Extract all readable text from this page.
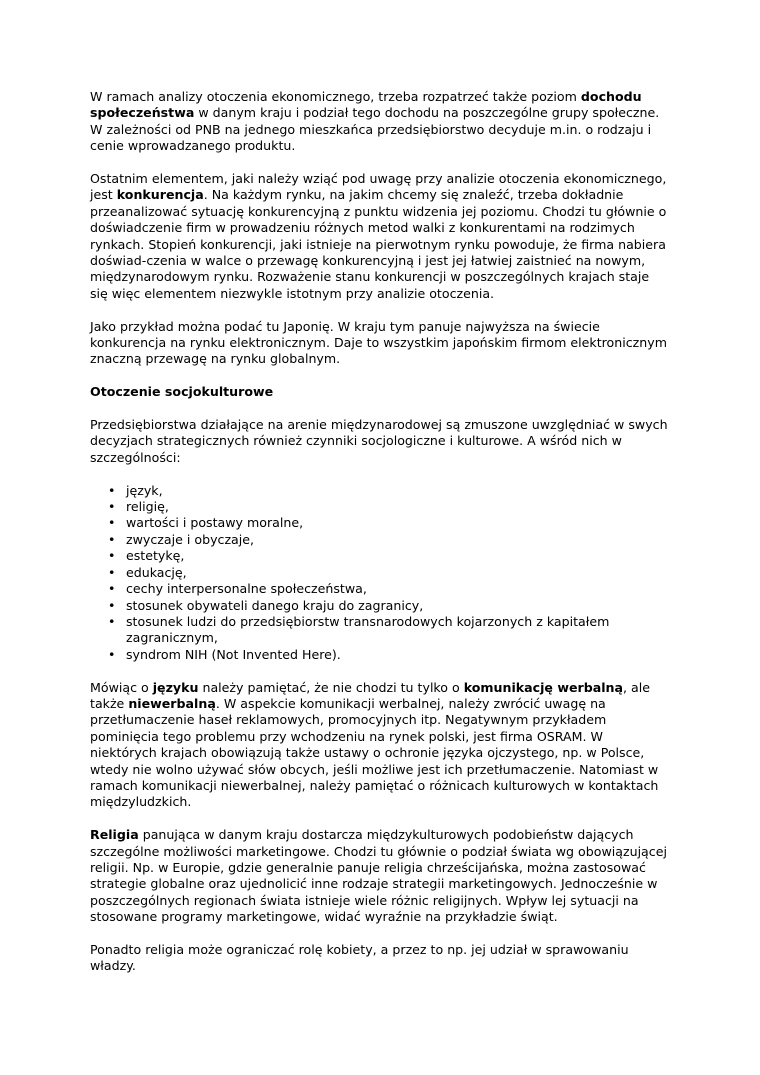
W ramach analizy otoczenia ekonomicznego, trzeba rozpatrzeć także poziom dochodu społeczeństwa w danym kraju i podział tego dochodu na poszczególne grupy społeczne. W zależności od PNB na jednego mieszkańca przedsiębiorstwo decyduje m.in. o rodzaju i cenie wprowadzanego produktu.

Ostatnim elementem, jaki należy wziąć pod uwagę przy analizie otoczenia ekonomicznego, jest konkurencja. Na każdym rynku, na jakim chcemy się znaleźć, trzeba dokładnie przeanalizować sytuację konkurencyjną z punktu widzenia jej poziomu. Chodzi tu głównie o doświadczenie firm w prowadzeniu różnych metod walki z konkurentami na rodzimych rynkach. Stopień konkurencji, jaki istnieje na pierwotnym rynku powoduje, że firma nabiera doświad-czenia w walce o przewagę konkurencyjną i jest jej łatwiej zaistnieć na nowym, międzynarodowym rynku. Rozważenie stanu konkurencji w poszczególnych krajach staje się więc elementem niezwykle istotnym przy analizie otoczenia.

Jako przykład można podać tu Japonię. W kraju tym panuje najwyższa na świecie konkurencja na rynku elektronicznym. Daje to wszystkim japońskim firmom elektronicznym znaczną przewagę na rynku globalnym.

Otoczenie socjokulturowe

Przedsiębiorstwa działające na arenie międzynarodowej są zmuszone uwzględniać w swych decyzjach strategicznych również czynniki socjologiczne i kulturowe. A wśród nich w szczególności:

• język,
• religię,
• wartości i postawy moralne,
• zwyczaje i obyczaje,
• estetykę,
• edukację,
• cechy interpersonalne społeczeństwa,
• stosunek obywateli danego kraju do zagranicy,
• stosunek ludzi do przedsiębiorstw transnarodowych kojarzonych z kapitałem zagranicznym,
• syndrom NIH (Not Invented Here).

Mówiąc o języku należy pamiętać, że nie chodzi tu tylko o komunikację werbalną, ale także niewerbalną. W aspekcie komunikacji werbalnej, należy zwrócić uwagę na przetłumaczenie haseł reklamowych, promocyjnych itp. Negatywnym przykładem pominięcia tego problemu przy wchodzeniu na rynek polski, jest firma OSRAM. W niektórych krajach obowiązują także ustawy o ochronie języka ojczystego, np. w Polsce, wtedy nie wolno używać słów obcych, jeśli możliwe jest ich przetłumaczenie. Natomiast w ramach komunikacji niewerbalnej, należy pamiętać o różnicach kulturowych w kontaktach międzyludzkich.

Religia panująca w danym kraju dostarcza międzykulturowych podobieństw dających szczególne możliwości marketingowe. Chodzi tu głównie o podział świata wg obowiązującej religii. Np. w Europie, gdzie generalnie panuje religia chrześcijańska, można zastosować strategie globalne oraz ujednolicić inne rodzaje strategii marketingowych. Jednocześnie w poszczególnych regionach świata istnieje wiele różnic religijnych. Wpływ lej sytuacji na stosowane programy marketingowe, widać wyraźnie na przykładzie świąt.

Ponadto religia może ograniczać rolę kobiety, a przez to np. jej udział w sprawowaniu władzy.
